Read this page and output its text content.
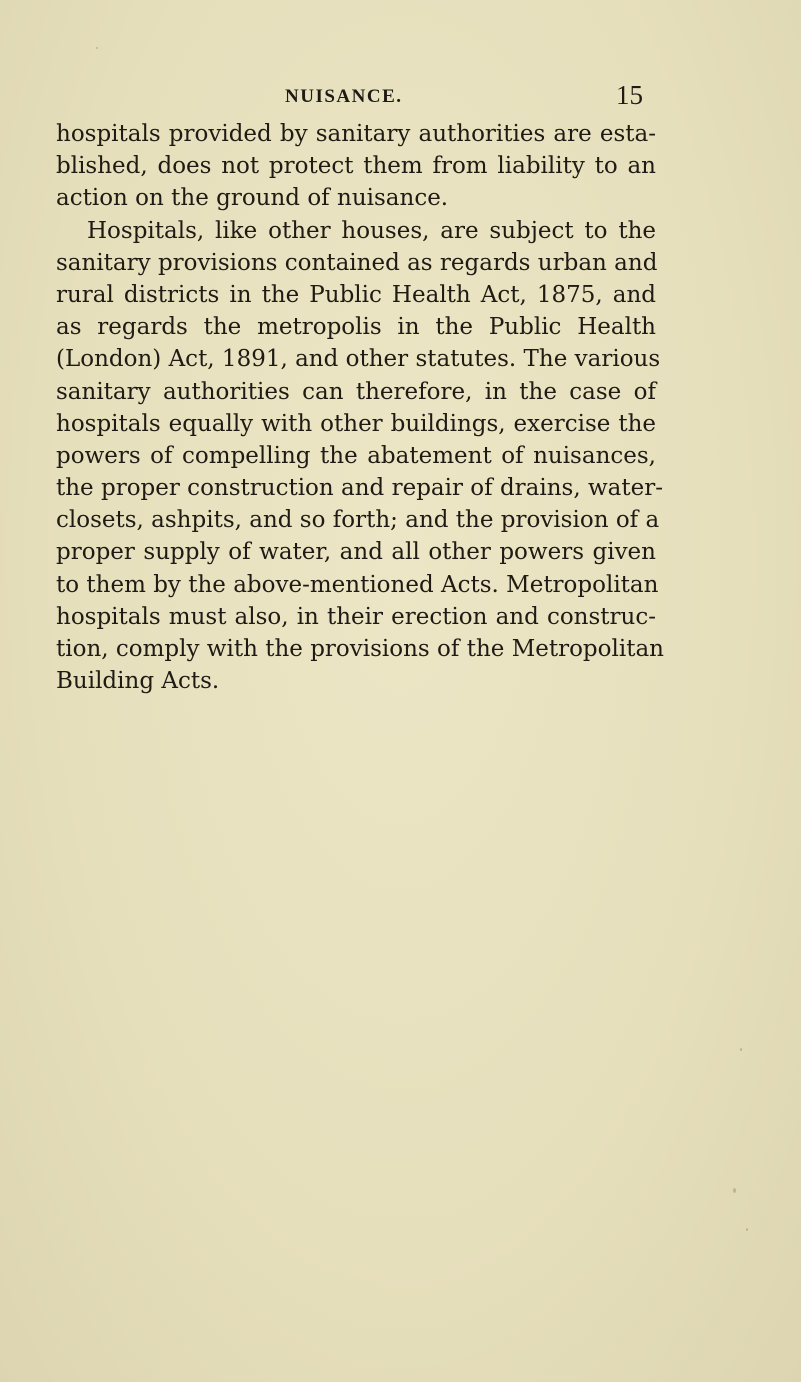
NUISANCE.	15
hospitals provided by sanitary authorities are esta-
blished, does not protect them from liability to an
action on the ground of nuisance.
Hospitals, like other houses, are subject to the
sanitary provisions contained as regards urban and
rural districts in the Public Health Act, 1875, and
as regards the metropolis in the Public Health
(London) Act, 1891, and other statutes. The various
sanitary authorities can therefore, in the case of
hospitals equally with other buildings, exercise the
powers of compelling the abatement of nuisances,
the proper construction and repair of drains, water-
closets, ashpits, and so forth; and the provision of a
proper supply of water, and all other powers given
to them by the above-mentioned Acts. Metropolitan
hospitals must also, in their erection and construc-
tion, comply with the provisions of the Metropolitan
Building Acts.
